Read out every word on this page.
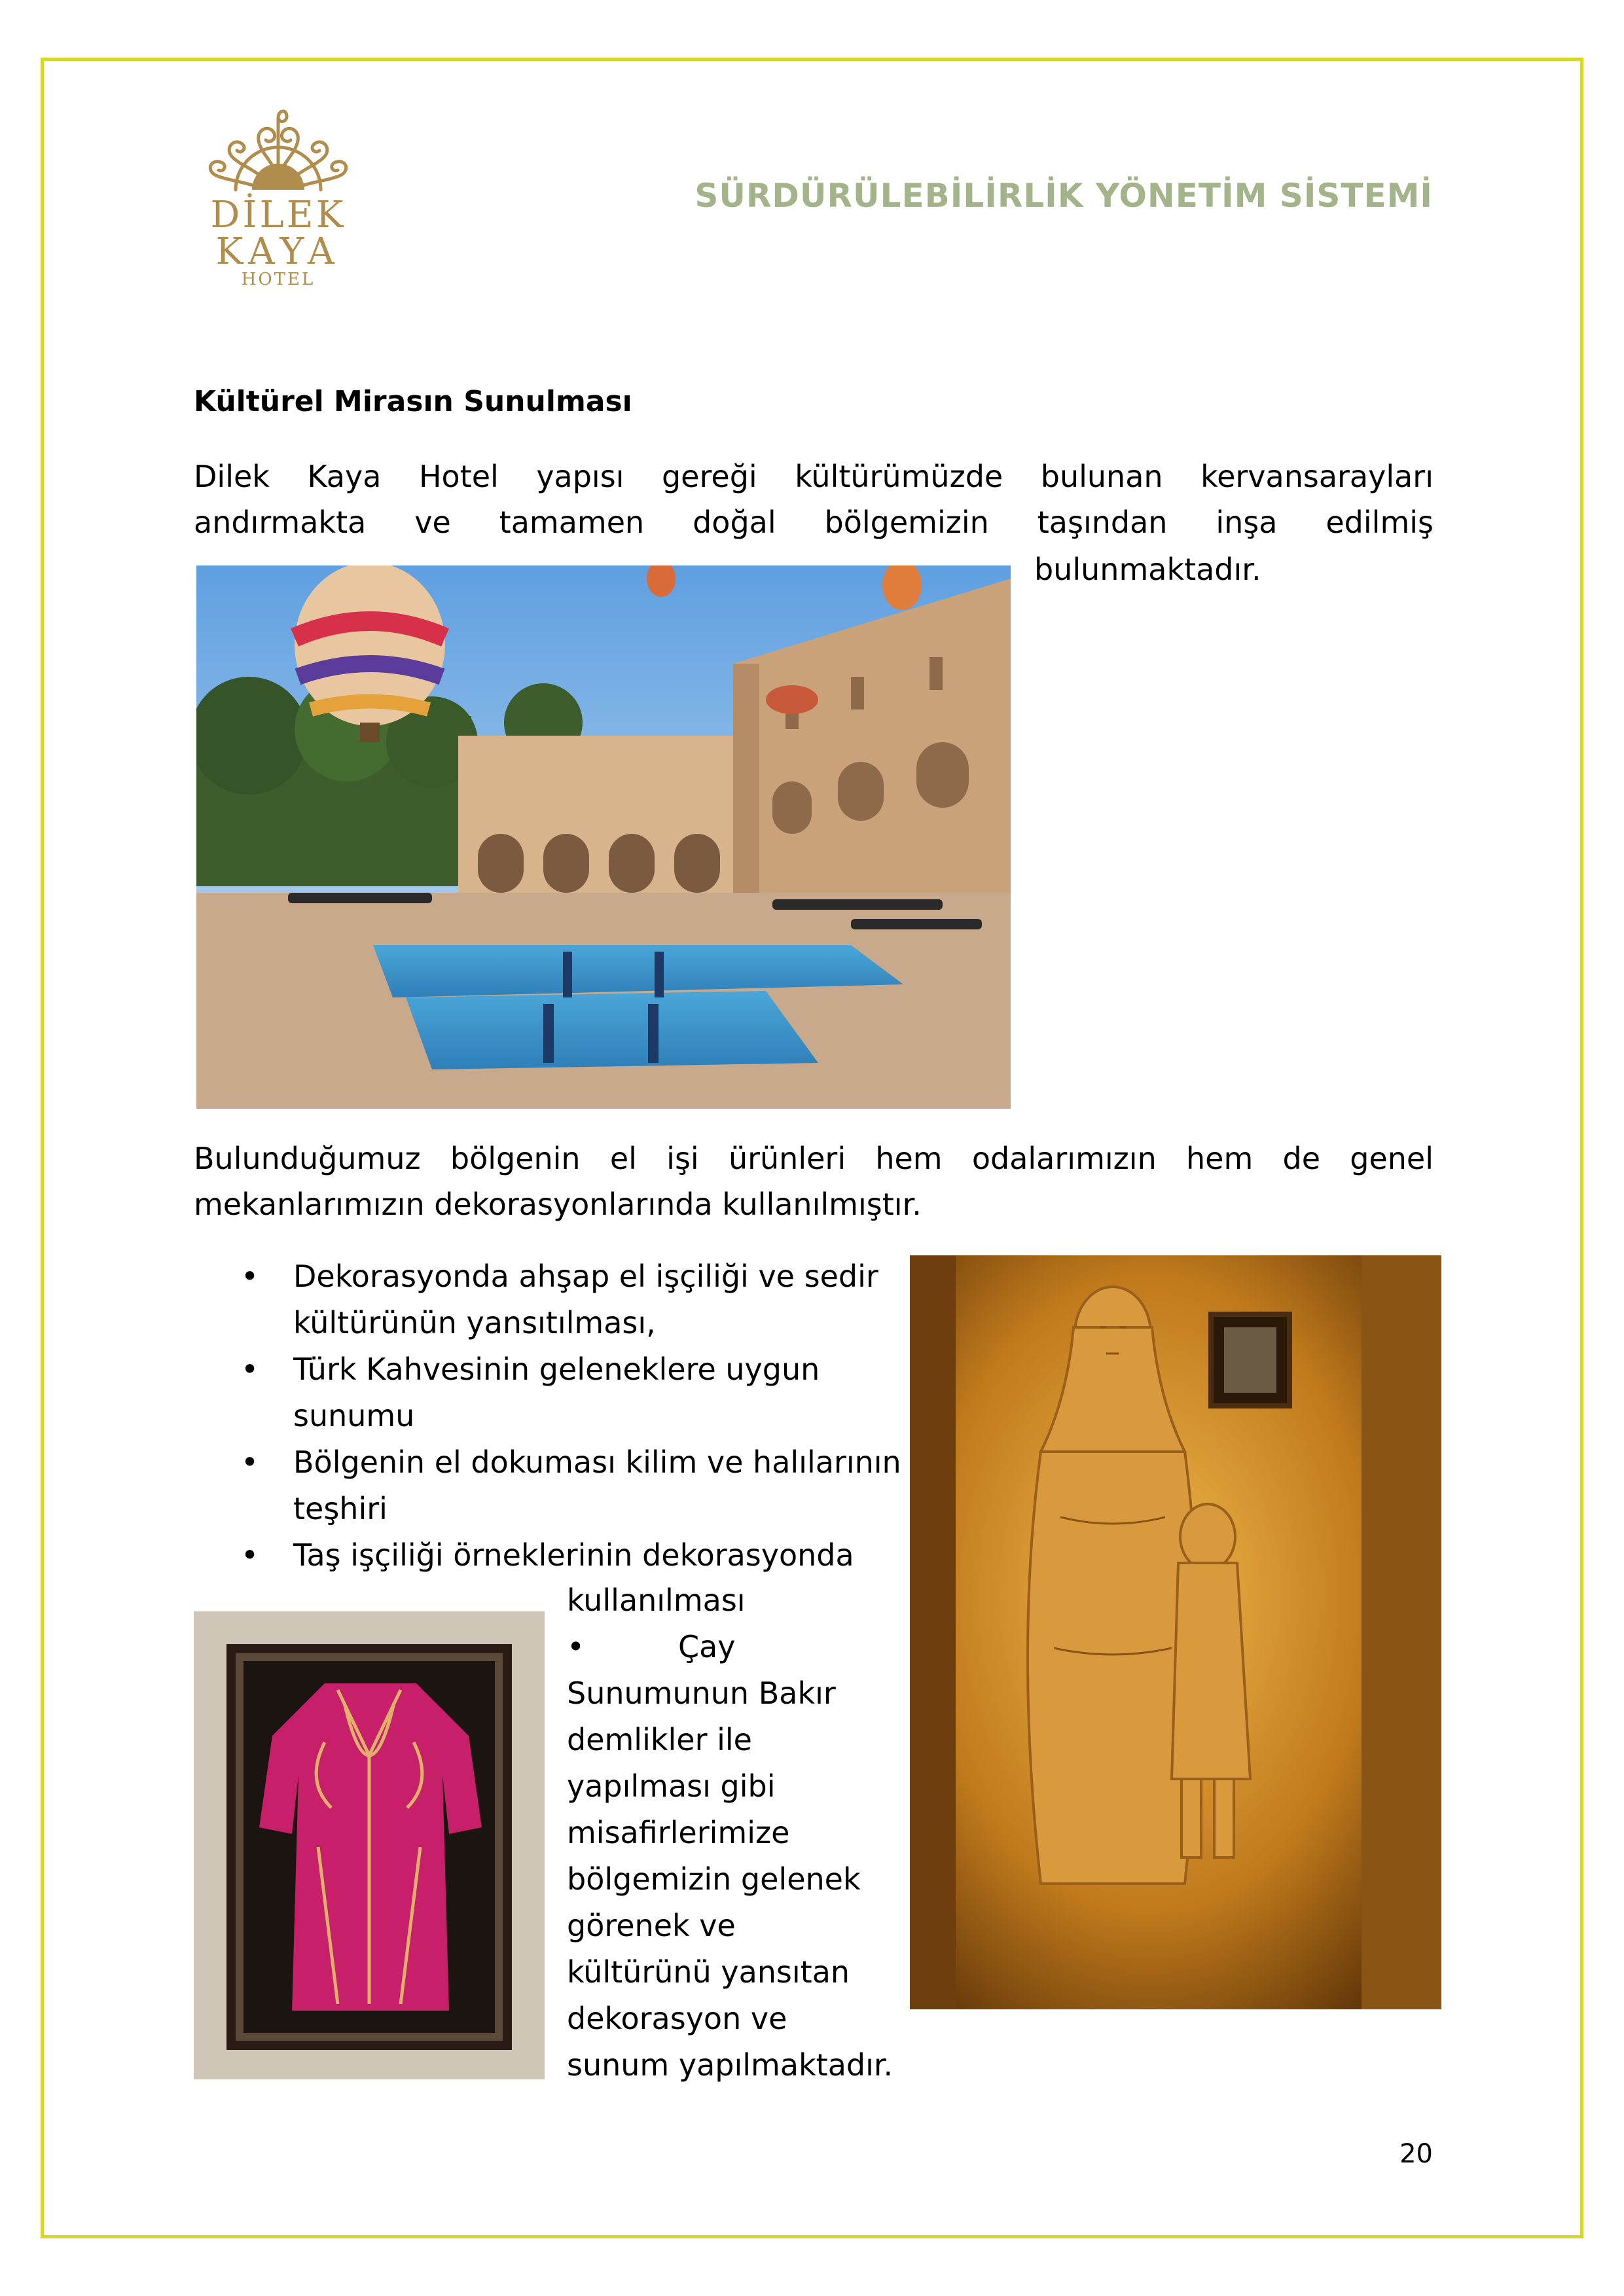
DİLEK
KAYA
HOTEL
SÜRDÜRÜLEBİLİRLİK YÖNETİM SİSTEMİ
Kültürel Mirasın Sunulması
Dilek Kaya Hotel yapısı gereği kültürümüzde bulunan kervansarayları
andırmakta ve tamamen doğal bölgemizin taşından inşa edilmiş
bulunmaktadır.
Bulunduğumuz bölgenin el işi ürünleri hem odalarımızın hem de genel
mekanlarımızın dekorasyonlarında kullanılmıştır.
• Dekorasyonda ahşap el işçiliği ve sedir kültürünün yansıtılması,
• Türk Kahvesinin geleneklere uygun sunumu
• Bölgenin el dokuması kilim ve halılarının teşhiri
• Taş işçiliği örneklerinin dekorasyonda
kullanılması
•	Çay
Sunumunun Bakır
demlikler ile
yapılması gibi
misafirlerimize
bölgemizin gelenek
görenek ve
kültürünü yansıtan
dekorasyon ve
sunum yapılmaktadır.
20
